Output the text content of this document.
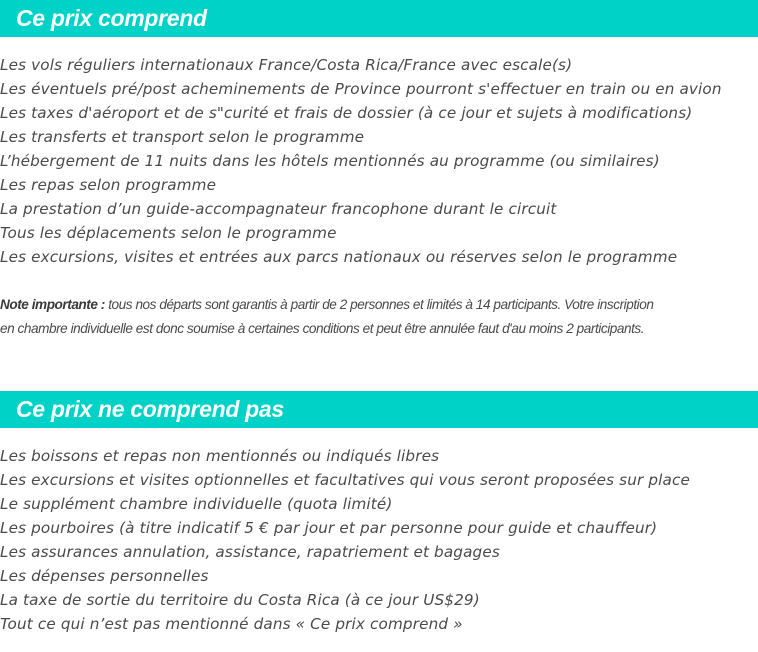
Ce prix comprend
Les vols réguliers internationaux France/Costa Rica/France avec escale(s)
Les éventuels pré/post acheminements de Province pourront s'effectuer en train ou en avion
Les taxes d'aéroport et de s"curité et frais de dossier (à ce jour et sujets à modifications)
Les transferts et transport selon le programme
L’hébergement de 11 nuits dans les hôtels mentionnés au programme (ou similaires)
Les repas selon programme
La prestation d’un guide-accompagnateur francophone durant le circuit
Tous les déplacements selon le programme
Les excursions, visites et entrées aux parcs nationaux ou réserves selon le programme
Note importante : tous nos départs sont garantis à partir de 2 personnes et limités à 14 participants. Votre inscription
en chambre individuelle est donc soumise à certaines conditions et peut être annulée faut d'au moins 2 participants.
Ce prix ne comprend pas
Les boissons et repas non mentionnés ou indiqués libres
Les excursions et visites optionnelles et facultatives qui vous seront proposées sur place
Le supplément chambre individuelle (quota limité)
Les pourboires (à titre indicatif 5 € par jour et par personne pour guide et chauffeur)
Les assurances annulation, assistance, rapatriement et bagages
Les dépenses personnelles
La taxe de sortie du territoire du Costa Rica (à ce jour US$29)
Tout ce qui n’est pas mentionné dans « Ce prix comprend »
